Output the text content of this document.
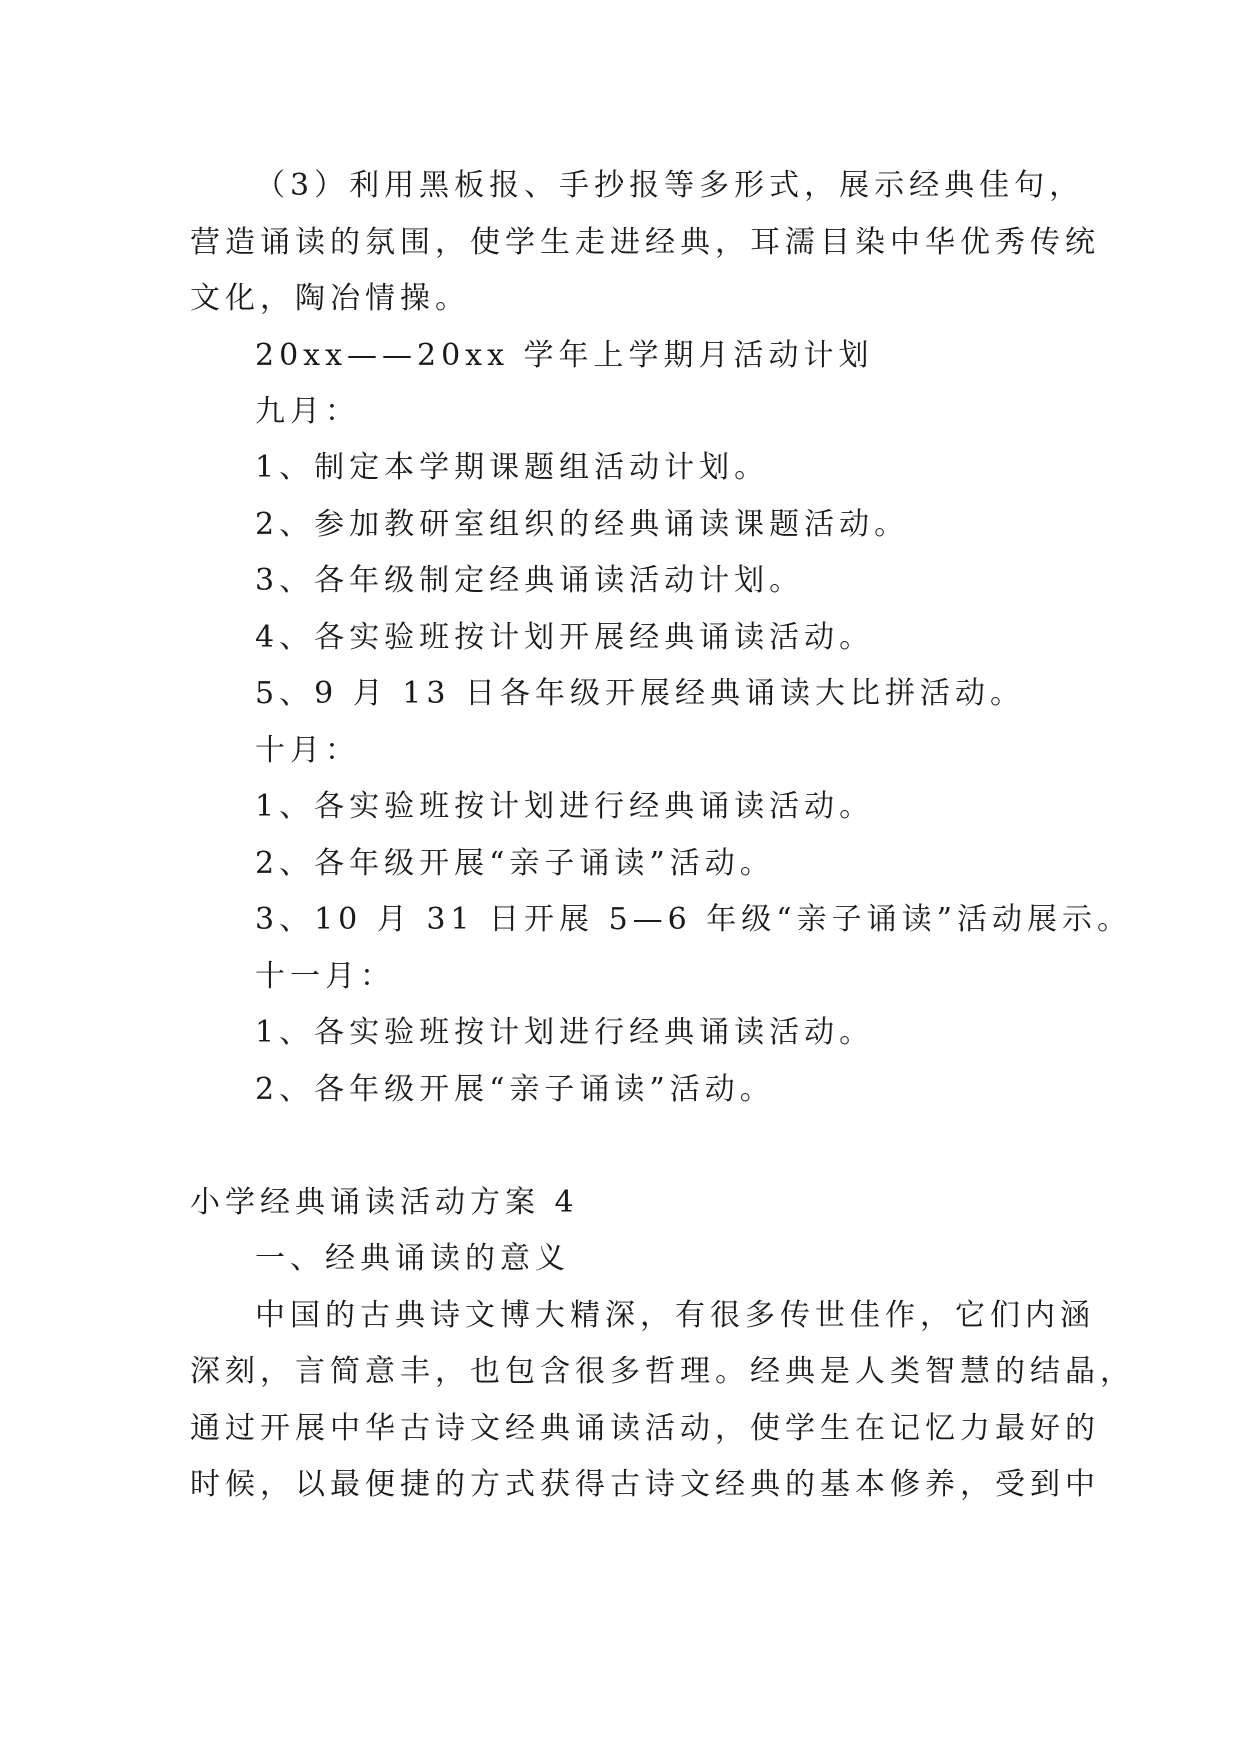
（3）利用黑板报、手抄报等多形式，展示经典佳句，
营造诵读的氛围，使学生走进经典，耳濡目染中华优秀传统
文化，陶冶情操。
20xx——20xx 学年上学期月活动计划
九月：
1、制定本学期课题组活动计划。
2、参加教研室组织的经典诵读课题活动。
3、各年级制定经典诵读活动计划。
4、各实验班按计划开展经典诵读活动。
5、9 月 13 日各年级开展经典诵读大比拼活动。
十月：
1、各实验班按计划进行经典诵读活动。
2、各年级开展“亲子诵读”活动。
3、10 月 31 日开展 5—6 年级“亲子诵读”活动展示。
十一月：
1、各实验班按计划进行经典诵读活动。
2、各年级开展“亲子诵读”活动。
小学经典诵读活动方案 4
一、经典诵读的意义
中国的古典诗文博大精深，有很多传世佳作，它们内涵
深刻，言简意丰，也包含很多哲理。经典是人类智慧的结晶，
通过开展中华古诗文经典诵读活动，使学生在记忆力最好的
时候，以最便捷的方式获得古诗文经典的基本修养，受到中
